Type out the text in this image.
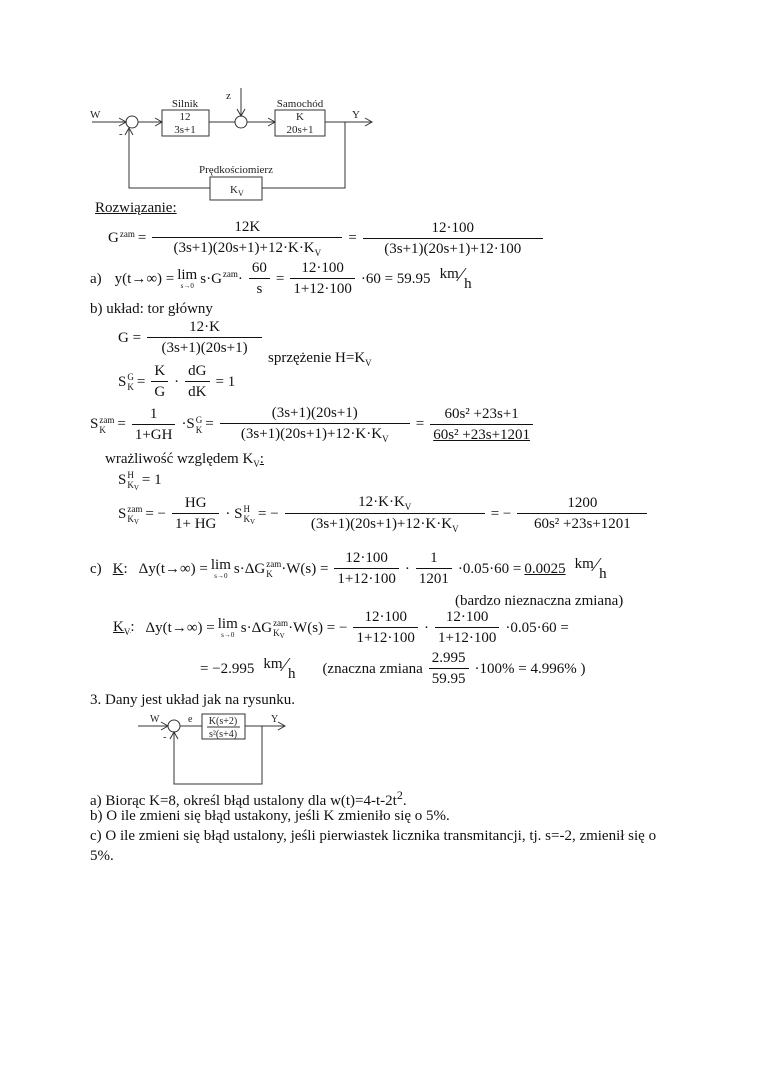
W
-
z
Silnik
12
3s+1
Samochód
K
20s+1
Y
Prędkościomierz
$K_V$
Rozwiązanie:
G zam = $\frac{12K}{(3s+1)(20s+1)+12\cdot K\cdot K_V} = \frac{12\cdot 100}{(3s+1)(20s+1)+12\cdot 100}$
a) y(t→∞) = lim
s→0 s·G zam · $\frac{60}{s} = \frac{12\cdot 100}{1+12\cdot 100} \cdot 60 = 59.95$ km ⁄ h
b) układ: tor główny
$G = \frac{12\cdot K}{(3s+1)(20s+1)}$
sprzężenie $H=K_V$
S G
$K = \frac{K}{G} \cdot \frac{dG}{dK} = 1$
S zam
$K = \frac{1}{1+GH} \cdot S$ G
$K = \frac{(3s+1)(20s+1)}{(3s+1)(20s+1)+12\cdot K\cdot K_V} = \frac{\text{60s² +23s+1}}{\text{60s² +23s+1201}}$
wrażliwość względem $K_V$:
S H
$K_V = 1$
S zam
$K_V$ = − $\frac{HG}{1+ HG} \cdot S$ H
$K_V$ = − $\frac{12\cdot K\cdot K_V}{(3s+1)(20s+1)+12\cdot K\cdot K_V}$ = − $\frac{1200}{\text{60s² +23s+1201}}$
c) K: Δy(t→∞) = lim
s→0 s·ΔG zam
$K \cdot W(s) = \frac{12\cdot 100}{1+12\cdot 100} \cdot \frac{1}{1201} \cdot 0.05\cdot 60 = 0.0025$ km ⁄ h
(bardzo nieznaczna zmiana)
$K_V$: Δy(t→∞) = lim
s→0 s·ΔG zam
$K_V \cdot W(s)$ = − $\frac{12\cdot 100}{1+12\cdot 100} \cdot \frac{12\cdot 100}{1+12\cdot 100} \cdot 0.05\cdot 60$ =
= −2.995 km ⁄ h (znaczna zmiana $\frac{2.995}{59.95} \cdot 100\% = 4.996\%$ )
3. Dany jest układ jak na rysunku.
W
-
e	Y
K(s+2)
s²(s+4)
a) Biorąc K=8, określ błąd ustalony dla $w(t)=4-t-2t^2$.
b) O ile zmieni się błąd ustakony, jeśli K zmieniło się o 5%.
c) O ile zmieni się błąd ustalony, jeśli pierwiastek licznika transmitancji, tj. s=-2, zmienił się o
5%.
